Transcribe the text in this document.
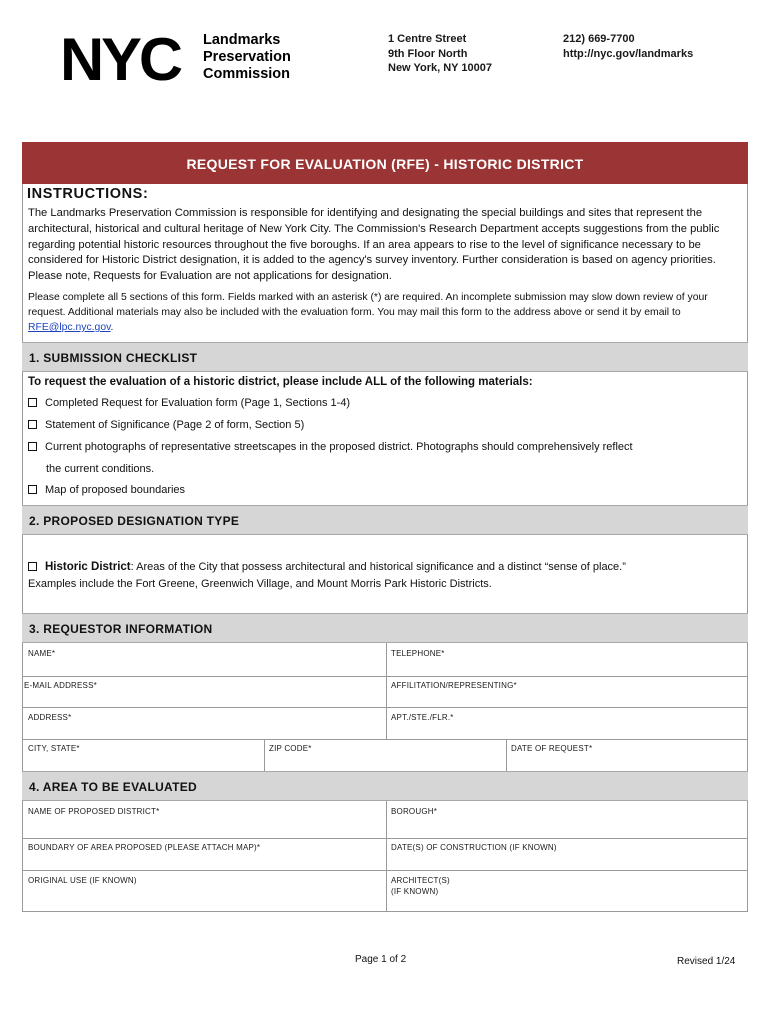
NYC Landmarks
Preservation
Commission
1 Centre Street
9th Floor North
New York, NY 10007
212) 669-7700
http://nyc.gov/landmarks
REQUEST FOR EVALUATION (RFE) - HISTORIC DISTRICT
INSTRUCTIONS:
The Landmarks Preservation Commission is responsible for identifying and designating the special buildings and sites that represent the architectural, historical and cultural heritage of New York City. The Commission's Research Department accepts suggestions from the public regarding potential historic resources throughout the five boroughs. If an area appears to rise to the level of significance necessary to be considered for Historic District designation, it is added to the agency's survey inventory. Further consideration is based on agency priorities. Please note, Requests for Evaluation are not applications for designation.
Please complete all 5 sections of this form. Fields marked with an asterisk (*) are required. An incomplete submission may slow down review of your request. Additional materials may also be included with the evaluation form. You may mail this form to the address above or send it by email to RFE@lpc.nyc.gov.
1. SUBMISSION CHECKLIST
To request the evaluation of a historic district, please include ALL of the following materials:
Completed Request for Evaluation form (Page 1, Sections 1-4)
Statement of Significance (Page 2 of form, Section 5)
Current photographs of representative streetscapes in the proposed district. Photographs should comprehensively reflect
the current conditions.
Map of proposed boundaries
2. PROPOSED DESIGNATION TYPE
Historic District: Areas of the City that possess architectural and historical significance and a distinct “sense of place.”
Examples include the Fort Greene, Greenwich Village, and Mount Morris Park Historic Districts.
3. REQUESTOR INFORMATION
NAME*	TELEPHONE*
E-MAIL ADDRESS*	AFFILITATION/REPRESENTING*
ADDRESS*	APT./STE./FLR.*
CITY, STATE*	ZIP CODE*	DATE OF REQUEST*
4. AREA TO BE EVALUATED
NAME OF PROPOSED DISTRICT*	BOROUGH*
BOUNDARY OF AREA PROPOSED (PLEASE ATTACH MAP)*	DATE(S) OF CONSTRUCTION (IF KNOWN)
ORIGINAL USE (IF KNOWN)	ARCHITECT(S)
(IF KNOWN)
Page 1 of 2	Revised 1/24
